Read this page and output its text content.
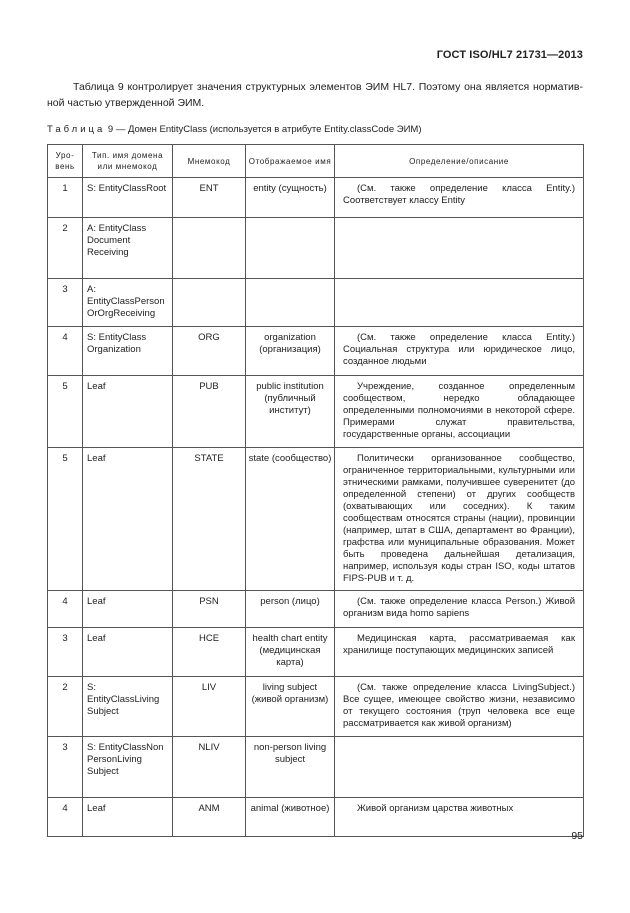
ГОСТ ISO/HL7 21731—2013

Таблица 9 контролирует значения структурных элементов ЭИМ HL7. Поэтому она является нормативной частью утвержденной ЭИМ.

Таблица 9 — Домен EntityClass (используется в атрибуте Entity.classCode ЭИМ)
Уро-вень	Тип. имя домена или мнемокод	Мнемокод	Отображаемое имя	Определение/описание
1	S: EntityClassRoot	ENT	entity (сущность)	(См. также определение класса Entity.) Соответствует классу Entity

2	A: EntityClass Document Receiving			

3	A: EntityClassPerson OrOrgReceiving			

4	S: EntityClass Organization	ORG	organization (организация)	(См. также определение класса Entity.) Социальная структура или юридическое лицо, созданное людьми

5	Leaf	PUB	public institution (публичный институт)	Учреждение, созданное определенным сообществом, нередко обладающее определенными полномочиями в некоторой сфере. Примерами служат правительства, государственные органы, ассоциации

5	Leaf	STATE	state (сообщество)	Политически организованное сообщество, ограниченное территориальными, культурными или этническими рамками, получившее суверенитет (до определенной степени) от других сообществ (охватывающих или соседних). К таким сообществам относятся страны (нации), провинции (например, штат в США, департамент во Франции), графства или муниципальные образования. Может быть проведена дальнейшая детализация, например, используя коды стран ISO, коды штатов FIPS-PUB и т. д.

4	Leaf	PSN	person (лицо)	(См. также определение класса Person.) Живой организм вида homo sapiens

3	Leaf	HCE	health chart entity (медицинская карта)	Медицинская карта, рассматриваемая как хранилище поступающих медицинских записей

2	S: EntityClassLiving Subject	LIV	living subject (живой организм)	(См. также определение класса LivingSubject.) Все сущее, имеющее свойство жизни, независимо от текущего состояния (труп человека все еще рассматривается как живой организм)

3	S: EntityClassNon PersonLiving Subject	NLIV	non-person living subject	

4	Leaf	ANM	animal (животное)	Живой организм царства животных
95
